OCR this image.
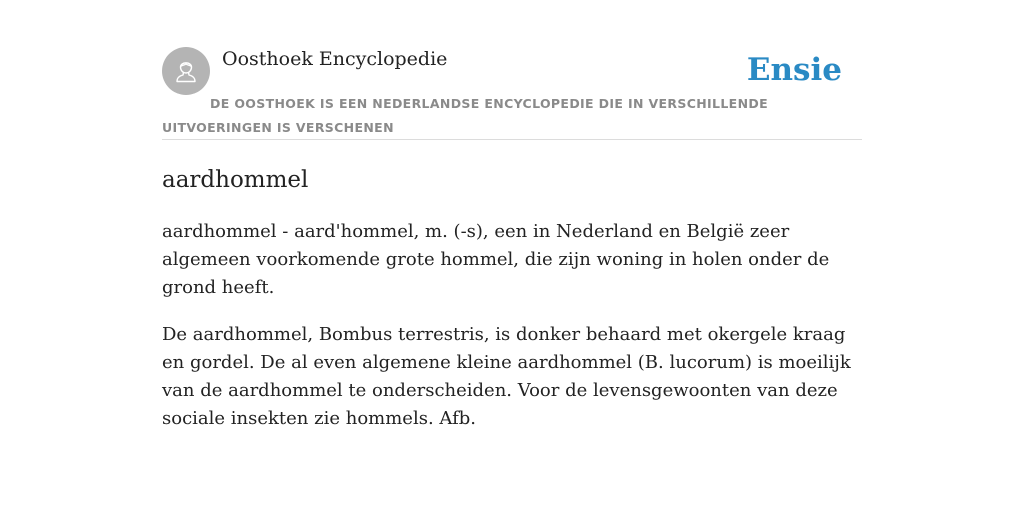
Oosthoek Encyclopedie	Ensie
DE OOSTHOEK IS EEN NEDERLANDSE ENCYCLOPEDIE DIE IN VERSCHILLENDE UITVOERINGEN IS VERSCHENEN
aardhommel

aardhommel - aard'hommel, m. (-s), een in Nederland en België zeer algemeen voorkomende grote hommel, die zijn woning in holen onder de grond heeft.

De aardhommel, Bombus terrestris, is donker behaard met okergele kraag en gordel. De al even algemene kleine aardhommel (B. lucorum) is moeilijk van de aardhommel te onderscheiden. Voor de levensgewoonten van deze sociale insekten zie hommels. Afb.
